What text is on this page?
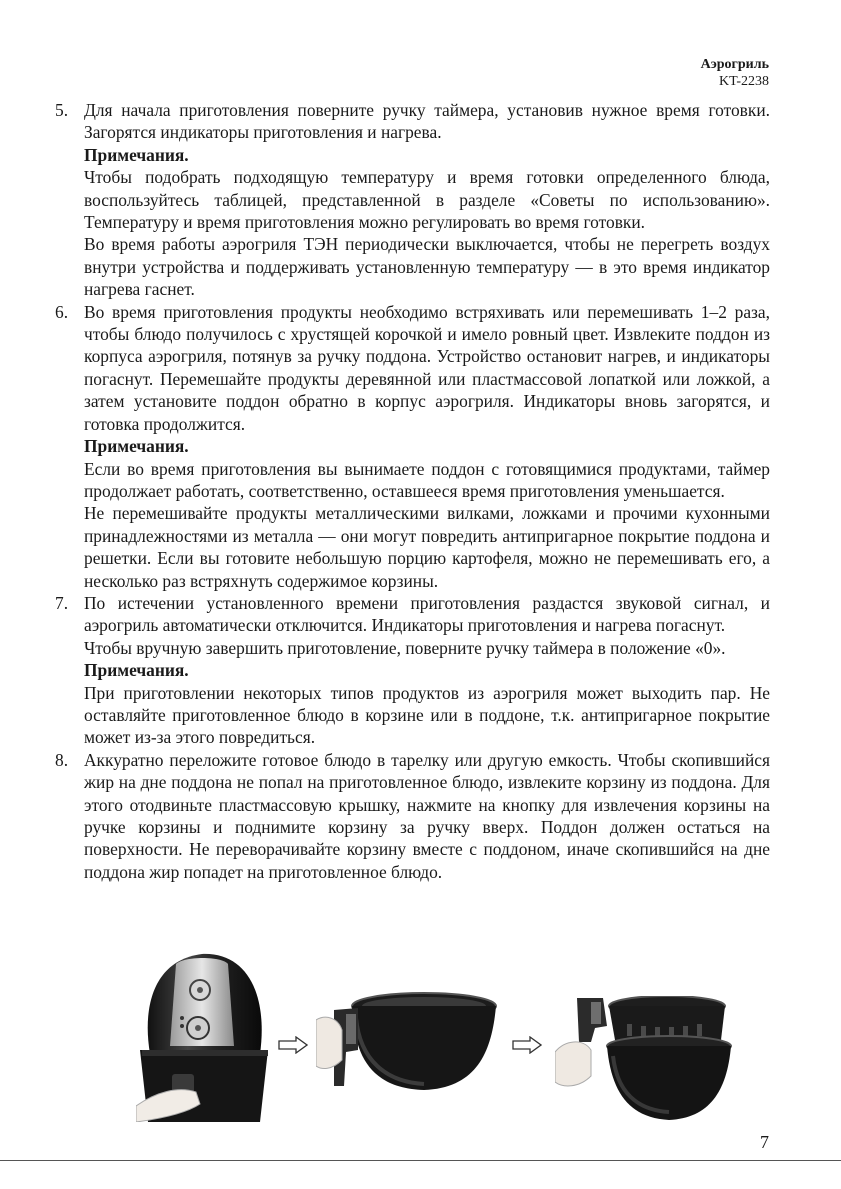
Аэрогриль
KT-2238
5. Для начала приготовления поверните ручку таймера, установив нужное время готовки. Загорятся индикаторы приготовления и нагрева.

Примечания.

Чтобы подобрать подходящую температуру и время готовки определенного блюда, воспользуйтесь таблицей, представленной в разделе «Советы по использованию». Температуру и время приготовления можно регулировать во время готовки.

Во время работы аэрогриля ТЭН периодически выключается, чтобы не перегреть воздух внутри устройства и поддерживать установленную температуру — в это время индикатор нагрева гаснет.

6. Во время приготовления продукты необходимо встряхивать или перемешивать 1–2 раза, чтобы блюдо получилось с хрустящей корочкой и имело ровный цвет. Извлеките поддон из корпуса аэрогриля, потянув за ручку поддона. Устройство остановит нагрев, и индикаторы погаснут. Перемешайте продукты деревянной или пластмассовой лопаткой или ложкой, а затем установите поддон обратно в корпус аэрогриля. Индикаторы вновь загорятся, и готовка продолжится.

Примечания.

Если во время приготовления вы вынимаете поддон с готовящимися продуктами, таймер продолжает работать, соответственно, оставшееся время приготовления уменьшается.

Не перемешивайте продукты металлическими вилками, ложками и прочими кухонными принадлежностями из металла — они могут повредить антипригарное покрытие поддона и решетки. Если вы готовите небольшую порцию картофеля, можно не перемешивать его, а несколько раз встряхнуть содержимое корзины.

7. По истечении установленного времени приготовления раздастся звуковой сигнал, и аэрогриль автоматически отключится. Индикаторы приготовления и нагрева погаснут.

Чтобы вручную завершить приготовление, поверните ручку таймера в положение «0».

Примечания.

При приготовлении некоторых типов продуктов из аэрогриля может выходить пар. Не оставляйте приготовленное блюдо в корзине или в поддоне, т.к. антипригарное покрытие может из-за этого повредиться.

8. Аккуратно переложите готовое блюдо в тарелку или другую емкость. Чтобы скопившийся жир на дне поддона не попал на приготовленное блюдо, извлеките корзину из поддона. Для этого отодвиньте пластмассовую крышку, нажмите на кнопку для извлечения корзины на ручке корзины и поднимите корзину за ручку вверх. Поддон должен остаться на поверхности. Не переворачивайте корзину вместе с поддоном, иначе скопившийся на дне поддона жир попадет на приготовленное блюдо.

7
